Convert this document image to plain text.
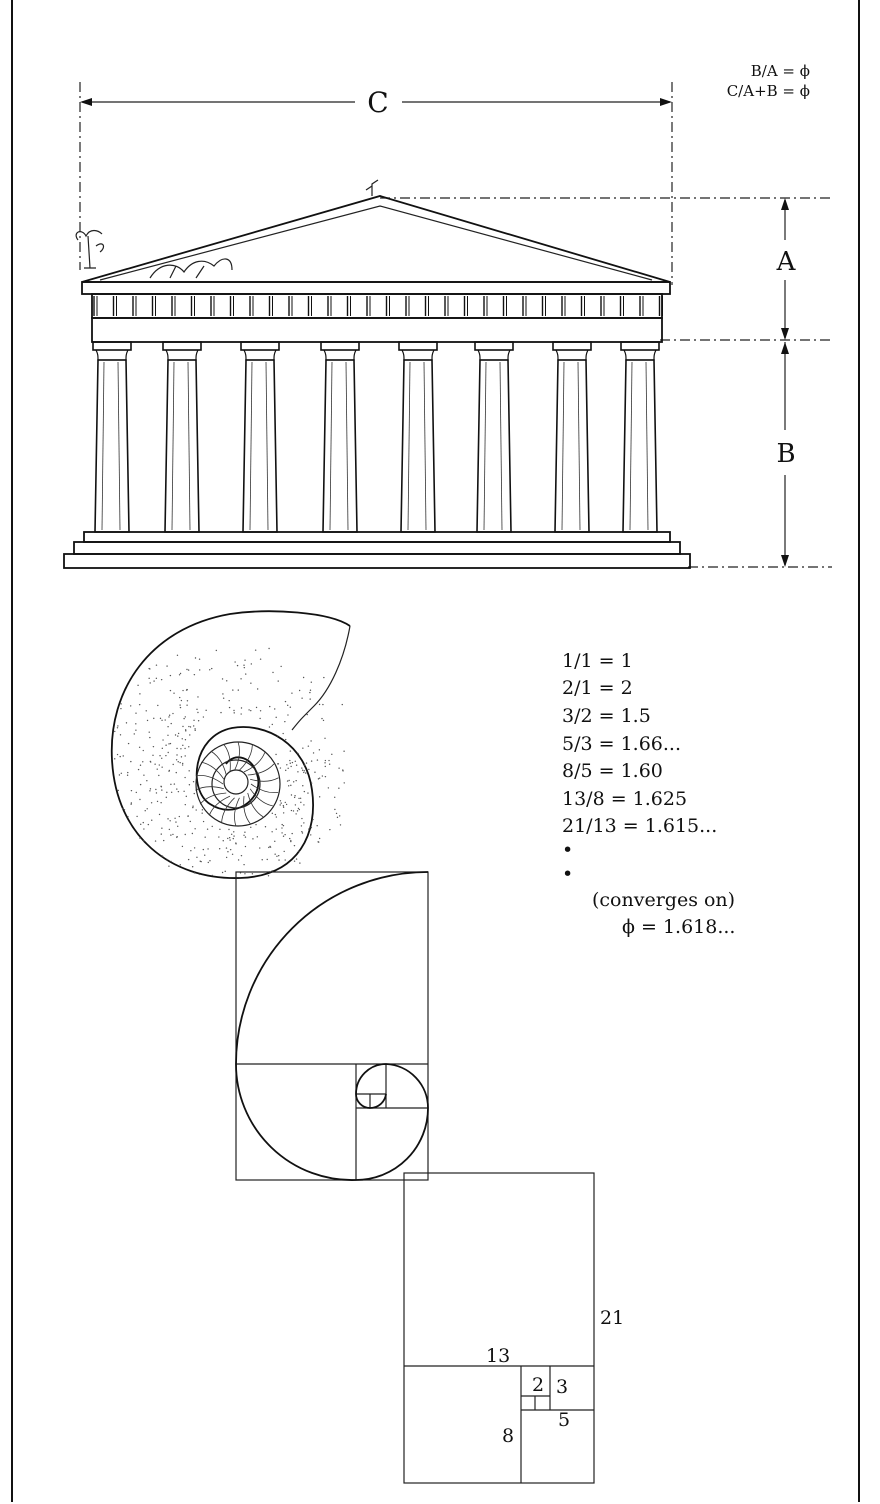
C
A
B
B/A = ϕ
C/A+B = ϕ
21
13
8
5
3
2
1/1 = 1
2/1 = 2
3/2 = 1.5
5/3 = 1.66...
8/5 = 1.60
13/8 = 1.625
21/13 = 1.615...
•
•
(converges on)
ϕ = 1.618...
